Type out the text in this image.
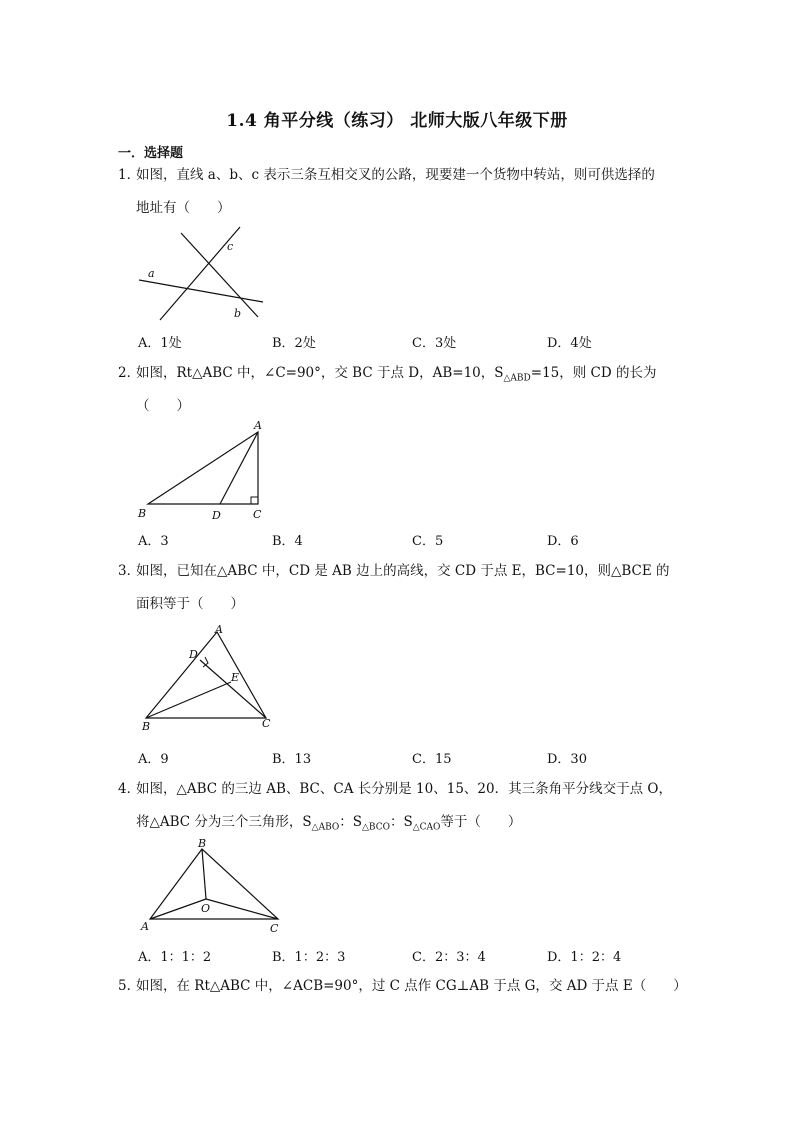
1.4 角平分线（练习） 北师大版八年级下册
一．选择题
1．如图，直线 a、b、c 表示三条互相交叉的公路，现要建一个货物中转站，则可供选择的
地址有（　　）
a
b
c
A．1处	B．2处	C．3处	D．4处
2．如图，Rt△ABC 中，∠C=90°，交 BC 于点 D，AB=10，$S_{\triangle ABD}=15$，则 CD 的长为
（　　）
A
B	C
D
A．3	B．4	C．5	D．6
3．如图，已知在△ABC 中，CD 是 AB 边上的高线，交 CD 于点 E，BC=10，则△BCE 的
面积等于（　　）
A
B	C
D
E
A．9	B．13	C．15	D．30
4．如图，△ABC 的三边 AB、BC、CA 长分别是 10、15、20．其三条角平分线交于点 O，
将△ABC 分为三个三角形，$S_{\triangle ABO}$：$S_{\triangle BCO}$：$S_{\triangle CAO}$等于（　　）
B
A	C
O
A．1：1：2	B．1：2：3	C．2：3：4	D．1：2：4
5．如图，在 Rt△ABC 中，∠ACB=90°，过 C 点作 CG⊥AB 于点 G，交 AD 于点 E（　　）
